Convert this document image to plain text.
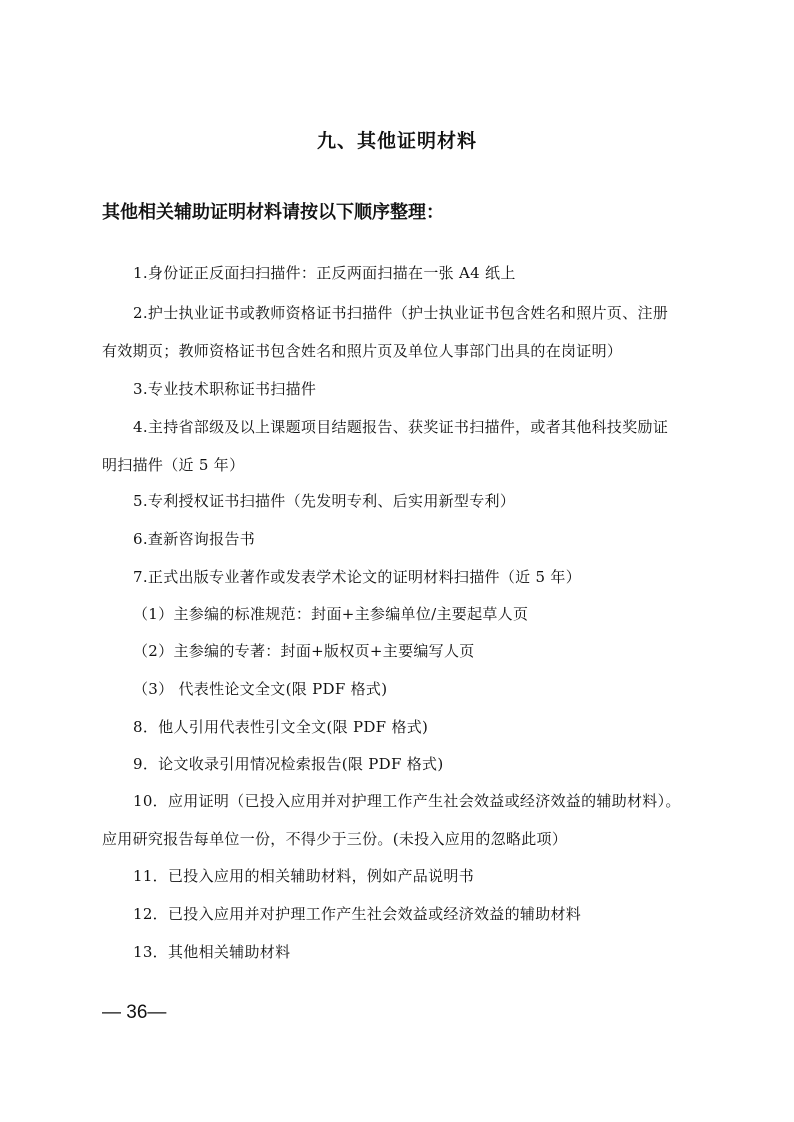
九、其他证明材料
其他相关辅助证明材料请按以下顺序整理：
1.身份证正反面扫扫描件：正反两面扫描在一张 A4 纸上
2.护士执业证书或教师资格证书扫描件（护士执业证书包含姓名和照片页、注册
有效期页；教师资格证书包含姓名和照片页及单位人事部门出具的在岗证明）
3.专业技术职称证书扫描件
4.主持省部级及以上课题项目结题报告、获奖证书扫描件，或者其他科技奖励证
明扫描件（近 5 年）
5.专利授权证书扫描件（先发明专利、后实用新型专利）
6.查新咨询报告书
7.正式出版专业著作或发表学术论文的证明材料扫描件（近 5 年）
（1）主参编的标准规范：封面+主参编单位/主要起草人页
（2）主参编的专著：封面+版权页+主要编写人页
（3） 代表性论文全文(限 PDF 格式)
8．他人引用代表性引文全文(限 PDF 格式)
9．论文收录引用情况检索报告(限 PDF 格式)
10．应用证明（已投入应用并对护理工作产生社会效益或经济效益的辅助材料）。
应用研究报告每单位一份，不得少于三份。(未投入应用的忽略此项）
11．已投入应用的相关辅助材料，例如产品说明书
12．已投入应用并对护理工作产生社会效益或经济效益的辅助材料
13．其他相关辅助材料
— 36—
